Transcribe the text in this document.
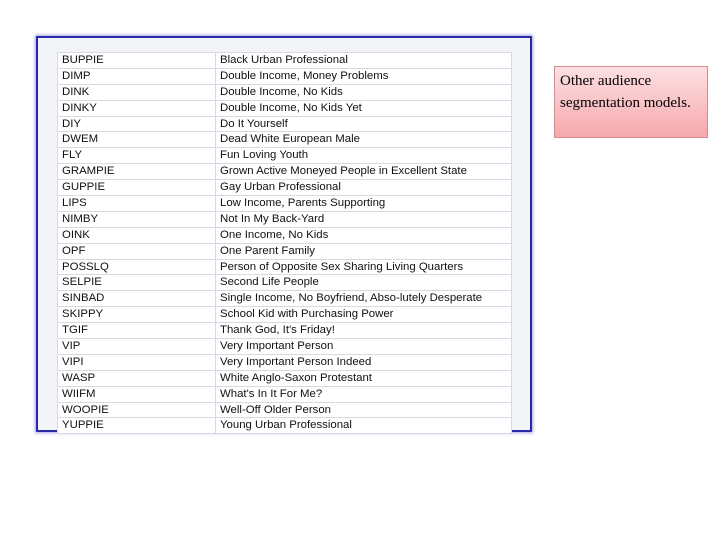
BUPPIE	Black Urban Professional
DIMP	Double Income, Money Problems
DINK	Double Income, No Kids
DINKY	Double Income, No Kids Yet
DIY	Do It Yourself
DWEM	Dead White European Male
FLY	Fun Loving Youth
GRAMPIE	Grown Active Moneyed People in Excellent State
GUPPIE	Gay Urban Professional
LIPS	Low Income, Parents Supporting
NIMBY	Not In My Back-Yard
OINK	One Income, No Kids
OPF	One Parent Family
POSSLQ	Person of Opposite Sex Sharing Living Quarters
SELPIE	Second Life People
SINBAD	Single Income, No Boyfriend, Abso-lutely Desperate
SKIPPY	School Kid with Purchasing Power
TGIF	Thank God, It's Friday!
VIP	Very Important Person
VIPI	Very Important Person Indeed
WASP	White Anglo-Saxon Protestant
WIIFM	What's In It For Me?
WOOPIE	Well-Off Older Person
YUPPIE	Young Urban Professional
Other audience segmentation models.
